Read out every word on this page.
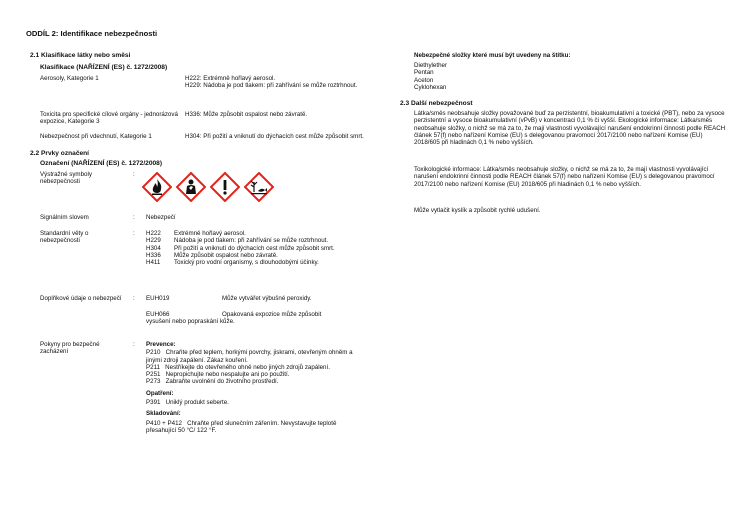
ODDÍL 2: Identifikace nebezpečnosti
2.1 Klasifikace látky nebo směsi
Klasifikace (NAŘÍZENÍ (ES) č. 1272/2008)
Aerosoly, Kategorie 1	H222: Extrémně hořlavý aerosol.
H229: Nádoba je pod tlakem: při zahřívání se může roztrhnout.
Toxicita pro specifické cílové orgány - jednorázová expozice, Kategorie 3
H336: Může způsobit ospalost nebo závratě.
Nebezpečnost při vdechnutí, Kategorie 1	H304: Při požití a vniknutí do dýchacích cest může způsobit smrt.
2.2 Prvky označení
Označení (NAŘÍZENÍ (ES) č. 1272/2008)
Výstražné symboly nebezpečnosti
:
Signálním slovem	: Nebezpečí
Standardní věty o nebezpečnosti
: H222	Extrémně hořlavý aerosol.
H229	Nádoba je pod tlakem: při zahřívání se může roztrhnout.
H304	Při požití a vniknutí do dýchacích cest může způsobit smrt.
H336	Může způsobit ospalost nebo závratě.
H411	Toxický pro vodní organismy, s dlouhodobými účinky.
Doplňkové údaje o nebezpečí	: EUH019	Může vytvářet výbušné peroxidy.
EUH066	Opakovaná expozice může způsobit vysušení nebo popraskání kůže.
Pokyny pro bezpečné zacházení
: Prevence:
P210 Chraňte před teplem, horkými povrchy, jiskrami, otevřeným ohněm a jinými zdroji zapálení. Zákaz kouření.
P211 Nestříkejte do otevřeného ohně nebo jiných zdrojů zapálení.
P251 Nepropichujte nebo nespalujte ani po použití.
P273 Zabraňte uvolnění do životního prostředí.
Opatření:
P391 Uniklý produkt seberte.
Skladování:
P410 + P412 Chraňte před slunečním zářením. Nevystavujte teplotě přesahující 50 °C/ 122 °F.
Nebezpečné složky které musí být uvedeny na štítku:
Diethylether
Pentan
Aceton
Cyklohexan
2.3 Další nebezpečnost
Látka/směs neobsahuje složky považované buď za perzistentní, bioakumulativní a toxické (PBT), nebo za vysoce perzistentní a vysoce bioakumulativní (vPvB) v koncentraci 0,1 % či vyšší. Ekologické informace: Látka/směs neobsahuje složky, o nichž se má za to, že mají vlastnosti vyvolávající narušení endokrinní činnosti podle REACH článek 57(f) nebo nařízení Komise (EU) s delegovanou pravomocí 2017/2100 nebo nařízení Komise (EU) 2018/605 při hladinách 0,1 % nebo vyšších.
Toxikologické informace: Látka/směs neobsahuje složky, o nichž se má za to, že mají vlastnosti vyvolávající narušení endokrinní činnosti podle REACH článek 57(f) nebo nařízení Komise (EU) s delegovanou pravomocí 2017/2100 nebo nařízení Komise (EU) 2018/605 při hladinách 0,1 % nebo vyšších.
Může vytlačit kyslík a způsobit rychlé udušení.
